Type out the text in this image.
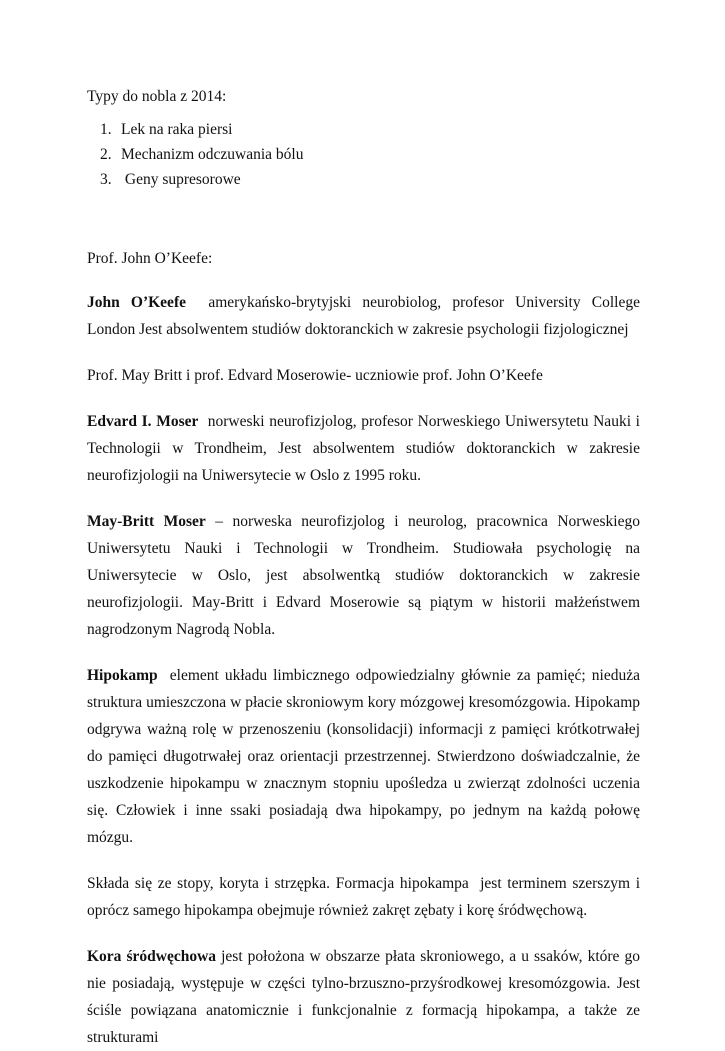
Typy do nobla z 2014:

1. Lek na raka piersi
2. Mechanizm odczuwania bólu
3. Geny supresorowe

Prof. John O’Keefe:

John O’Keefe  amerykańsko-brytyjski neurobiolog, profesor University College London Jest absolwentem studiów doktoranckich w zakresie psychologii fizjologicznej

Prof. May Britt i prof. Edvard Moserowie- uczniowie prof. John O’Keefe

Edvard I. Moser  norweski neurofizjolog, profesor Norweskiego Uniwersytetu Nauki i Technologii w Trondheim, Jest absolwentem studiów doktoranckich w zakresie neurofizjologii na Uniwersytecie w Oslo z 1995 roku.

May-Britt Moser – norweska neurofizjolog i neurolog, pracownica Norweskiego Uniwersytetu Nauki i Technologii w Trondheim. Studiowała psychologię na Uniwersytecie w Oslo, jest absolwentką studiów doktoranckich w zakresie neurofizjologii. May-Britt i Edvard Moserowie są piątym w historii małżeństwem nagrodzonym Nagrodą Nobla.

Hipokamp  element układu limbicznego odpowiedzialny głównie za pamięć; nieduża struktura umieszczona w płacie skroniowym kory mózgowej kresomózgowia. Hipokamp odgrywa ważną rolę w przenoszeniu (konsolidacji) informacji z pamięci krótkotrwałej do pamięci długotrwałej oraz orientacji przestrzennej. Stwierdzono doświadczalnie, że uszkodzenie hipokampu w znacznym stopniu upośledza u zwierząt zdolności uczenia się. Człowiek i inne ssaki posiadają dwa hipokampy, po jednym na każdą połowę mózgu.

Składa się ze stopy, koryta i strzępka. Formacja hipokampa  jest terminem szerszym i oprócz samego hipokampa obejmuje również zakręt zębaty i korę śródwęchową.

Kora śródwęchowa jest położona w obszarze płata skroniowego, a u ssaków, które go nie posiadają, występuje w części tylno-brzuszno-przyśrodkowej kresomózgowia. Jest ściśle powiązana anatomicznie i funkcjonalnie z formacją hipokampa, a także ze strukturami
